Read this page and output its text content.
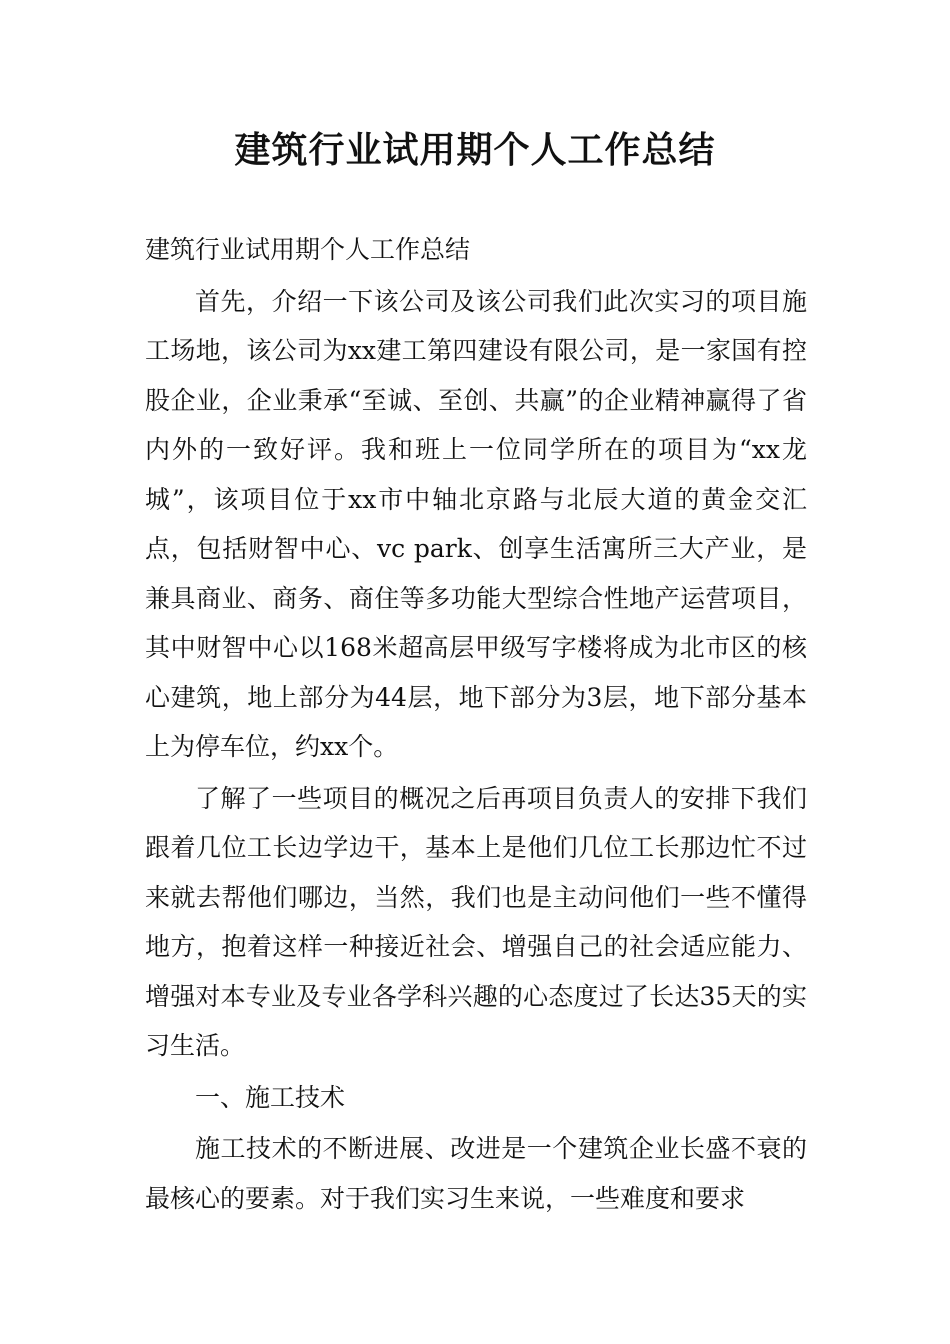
建筑行业试用期个人工作总结

建筑行业试用期个人工作总结

首先，介绍一下该公司及该公司我们此次实习的项目施工场地，该公司为xx建工第四建设有限公司，是一家国有控股企业，企业秉承“至诚、至创、共赢”的企业精神赢得了省内外的一致好评。我和班上一位同学所在的项目为“xx龙城”，该项目位于xx市中轴北京路与北辰大道的黄金交汇点，包括财智中心、vc park、创享生活寓所三大产业，是兼具商业、商务、商住等多功能大型综合性地产运营项目，其中财智中心以168米超高层甲级写字楼将成为北市区的核心建筑，地上部分为44层，地下部分为3层，地下部分基本上为停车位，约xx个。

了解了一些项目的概况之后再项目负责人的安排下我们跟着几位工长边学边干，基本上是他们几位工长那边忙不过来就去帮他们哪边，当然，我们也是主动问他们一些不懂得地方，抱着这样一种接近社会、增强自己的社会适应能力、增强对本专业及专业各学科兴趣的心态度过了长达35天的实习生活。

一、施工技术

施工技术的不断进展、改进是一个建筑企业长盛不衰的最核心的要素。对于我们实习生来说，一些难度和要求
